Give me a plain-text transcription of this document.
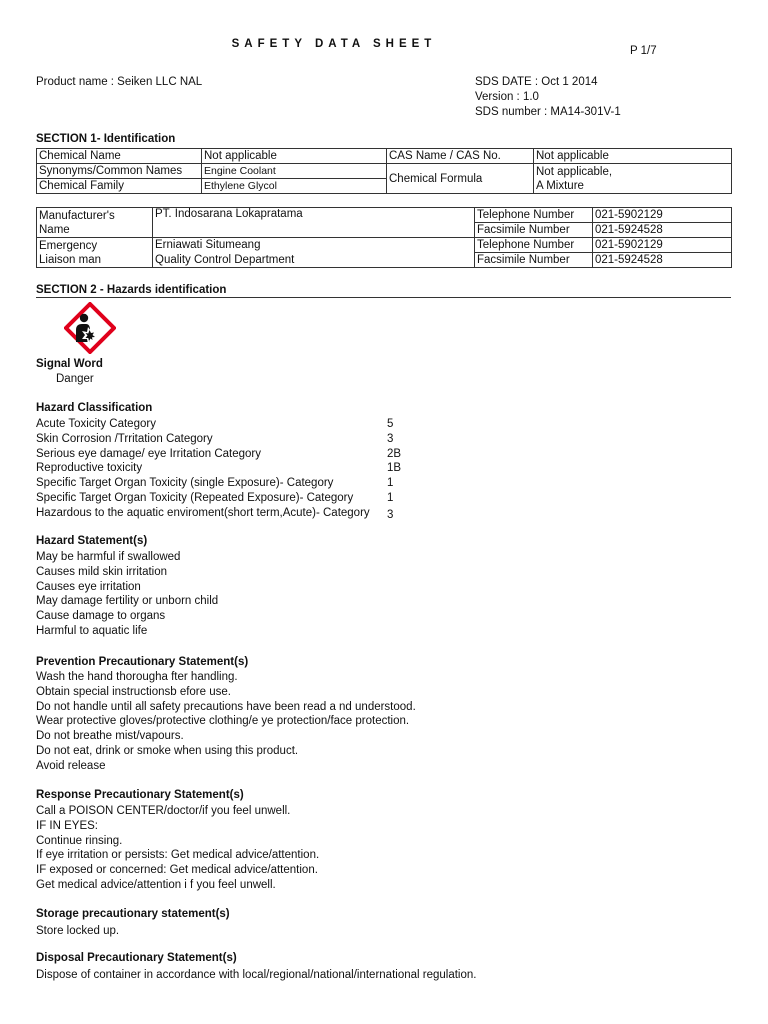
SAFETY DATA SHEET
P 1/7
Product name : Seiken LLC NAL	SDS DATE : Oct 1 2014
Version : 1.0
SDS number : MA14-301V-1
SECTION 1- Identification
Chemical Name	Not applicable	CAS Name / CAS No.	Not applicable
Synonyms/Common Names	Engine Coolant	Chemical Formula	Not applicable,
A Mixture

Chemical Family	Ethylene Glycol		
Manufacturer's
Name	PT. Indosarana Lokapratama	Telephone Number	021-5902129
		Facsimile Number	021-5924528

Emergency
Liaison man	Erniawati Situmeang	Telephone Number	021-5902129
	Quality Control Department	Facsimile Number	021-5924528
SECTION 2 - Hazards identification
Signal Word
Danger
Hazard Classification
Acute Toxicity Category	5
Skin Corrosion /Trritation Category	3
Serious eye damage/ eye Irritation Category	2B
Reproductive toxicity	1B
Specific Target Organ Toxicity (single Exposure)- Category	1
Specific Target Organ Toxicity (Repeated Exposure)- Category	1
Hazardous to the aquatic enviroment(short term,Acute)- Category 3
Hazard Statement(s)
May be harmful if swallowed
Causes mild skin irritation
Causes eye irritation
May damage fertility or unborn child
Cause damage to organs
Harmful to aquatic life
Prevention Precautionary Statement(s)
Wash the hand thorougha fter handling.
Obtain special instructionsb efore use.
Do not handle until all safety precautions have been read a nd understood.
Wear protective gloves/protective clothing/e ye protection/face protection.
Do not breathe mist/vapours.
Do not eat, drink or smoke when using this product.
Avoid release
Response Precautionary Statement(s)
Call a POISON CENTER/doctor/if you feel unwell.
IF IN EYES:
Continue rinsing.
If eye irritation or persists: Get medical advice/attention.
IF exposed or concerned: Get medical advice/attention.
Get medical advice/attention i f you feel unwell.
Storage precautionary statement(s)
Store locked up.
Disposal Precautionary Statement(s)
Dispose of container in accordance with local/regional/national/international regulation.
